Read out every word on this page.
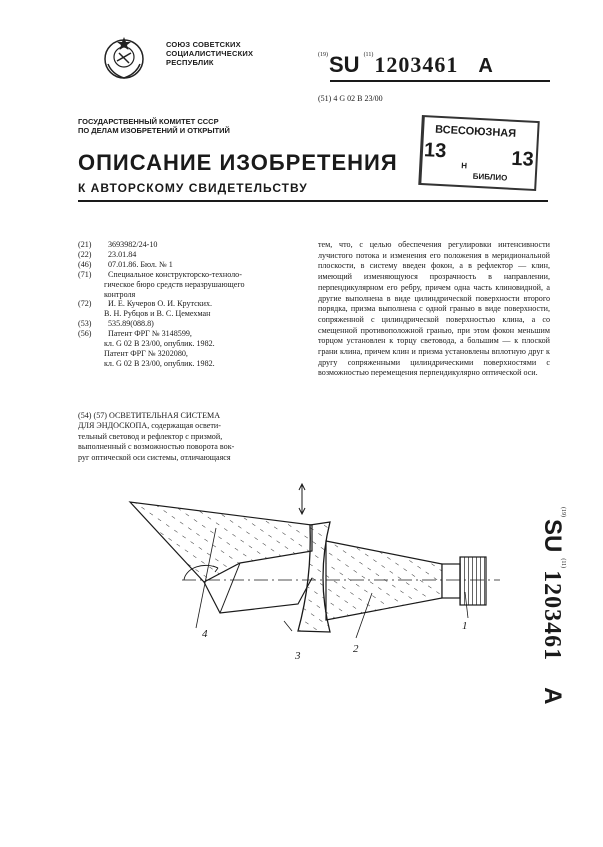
СОЮЗ СОВЕТСКИХ
СОЦИАЛИСТИЧЕСКИХ
РЕСПУБЛИК
$^{(19)}$SU $^{(11)}$1203461 A
(51) 4 G 02 B 23/00
ГОСУДАРСТВЕННЫЙ КОМИТЕТ СССР
ПО ДЕЛАМ ИЗОБРЕТЕНИЙ И ОТКРЫТИЙ	ВСЕСОЮЗНАЯ
13	13
Н
БИБЛИО
ОПИСАНИЕ ИЗОБРЕТЕНИЯ
К АВТОРСКОМУ СВИДЕТЕЛЬСТВУ

(21) 3693982/24-10

(22) 23.01.84

(46) 07.01.86. Бюл. № 1

(71) Специальное конструкторско-техноло-

гическое бюро средств неразрушающего

контроля

(72) И. Е. Кучеров О. И. Крутских.

В. Н. Рубцов и В. С. Цемехман

(53) 535.89(088.8)

(56) Патент ФРГ № 3148599,

кл. G 02 B 23/00, опублик. 1982.

Патент ФРГ № 3202080,

кл. G 02 B 23/00, опублик. 1982.

(54) (57) ОСВЕТИТЕЛЬНАЯ СИСТЕМА

ДЛЯ ЭНДОСКОПА, содержащая освети-

тельный световод и рефлектор с призмой,

выполненный с возможностью поворота вок-

руг оптической оси системы, отличающаяся

тем, что, с целью обеспечения регулировки интенсивности лучистого потока и изменения его положения в меридиональной плоскости, в систему введен фокон, а в рефлектор — клин, имеющий изменяющуюся прозрачность в направлении, перпендикулярном его ребру, причем одна часть клиновидной, а другие выполнена в виде цилиндрической поверхности второго порядка, призма выполнена с одной гранью в виде поверхности, сопряженной с цилиндрической поверхностью клина, а со смещенной противоположной гранью, при этом фокон меньшим торцом установлен к торцу световода, а большим — к плоской грани клина, причем клин и призма установлены вплотную друг к другу сопряженными цилиндрическими поверхностями с возможностью перемещения перпендикулярно оптической оси.
$^{(19)}$SU $^{(11)}$1203461A
1
2
3
4
